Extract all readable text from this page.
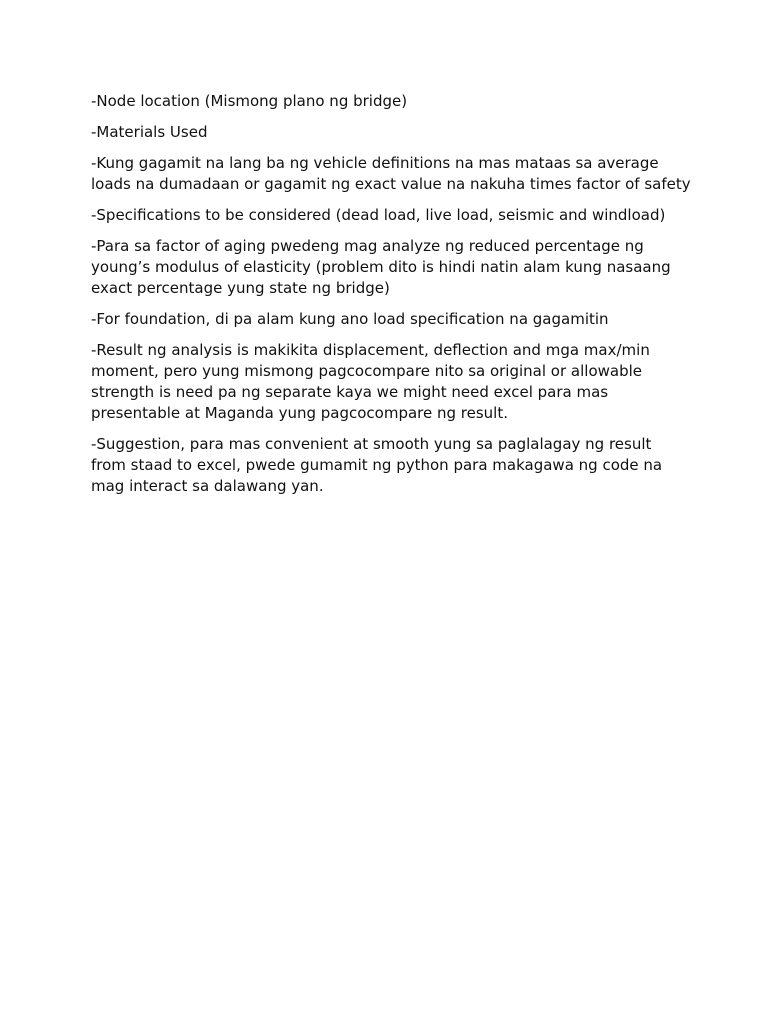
-Node location (Mismong plano ng bridge)

-Materials Used

-Kung gagamit na lang ba ng vehicle definitions na mas mataas sa average loads na dumadaan or gagamit ng exact value na nakuha times factor of safety

-Specifications to be considered (dead load, live load, seismic and windload)

-Para sa factor of aging pwedeng mag analyze ng reduced percentage ng young’s modulus of elasticity (problem dito is hindi natin alam kung nasaang exact percentage yung state ng bridge)

-For foundation, di pa alam kung ano load specification na gagamitin

-Result ng analysis is makikita displacement, deflection and mga max/min moment, pero yung mismong pagcocompare nito sa original or allowable strength is need pa ng separate kaya we might need excel para mas presentable at Maganda yung pagcocompare ng result.

-Suggestion, para mas convenient at smooth yung sa paglalagay ng result from staad to excel, pwede gumamit ng python para makagawa ng code na mag interact sa dalawang yan.
